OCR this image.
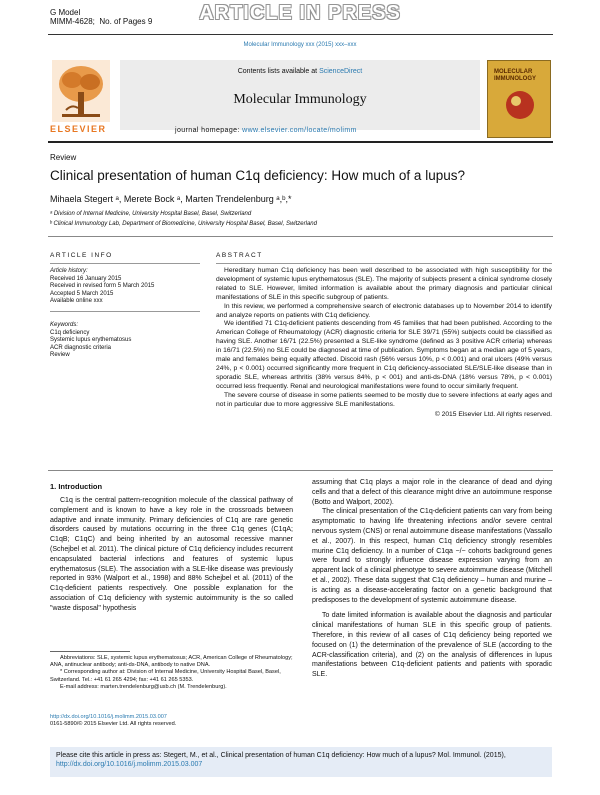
G Model
MIMM-4628; No. of Pages 9	ARTICLE IN PRESS
Molecular Immunology xxx (2015) xxx–xxx
Contents lists available at ScienceDirect
Molecular Immunology
ELSEVIER	journal homepage: www.elsevier.com/locate/molimm
MOLECULAR IMMUNOLOGY
Review
Clinical presentation of human C1q deficiency: How much of a lupus?
Mihaela Stegert ᵃ, Merete Bock ᵃ, Marten Trendelenburg ᵃ,ᵇ,*
ᵃ Division of Internal Medicine, University Hospital Basel, Basel, Switzerland
ᵇ Clinical Immunology Lab, Department of Biomedicine, University Hospital Basel, Basel, Switzerland
ARTICLE INFO
Article history:
Received 16 January 2015
Received in revised form 5 March 2015
Accepted 5 March 2015
Available online xxx
Keywords:
C1q deficiency
Systemic lupus erythematosus
ACR diagnostic criteria
Review
ABSTRACT

Hereditary human C1q deficiency has been well described to be associated with high susceptibility for the development of systemic lupus erythematosus (SLE). The majority of subjects present a clinical syndrome closely related to SLE. However, limited information is available about the primary diagnosis and particular clinical manifestations of SLE in this specific subgroup of patients.

In this review, we performed a comprehensive search of electronic databases up to November 2014 to identify and analyze reports on patients with C1q deficiency.

We identified 71 C1q-deficient patients descending from 45 families that had been published. According to the American College of Rheumatology (ACR) diagnostic criteria for SLE 39/71 (55%) subjects could be classified as having SLE. Another 16/71 (22.5%) presented a SLE-like syndrome (defined as 3 positive ACR criteria) whereas in 16/71 (22.5%) no SLE could be diagnosed at time of publication. Symptoms began at a median age of 5 years, male and females being equally affected. Discoid rash (56% versus 10%, p < 0.001) and oral ulcers (49% versus 24%, p < 0.001) occurred significantly more frequent in C1q deficiency-associated SLE/SLE-like disease than in sporadic SLE, whereas arthritis (38% versus 84%, p < 001) and anti-ds-DNA (18% versus 78%, p < 0.001) occurred less frequently. Renal and neurological manifestations were found to occur similarly frequent.

The severe course of disease in some patients seemed to be mostly due to severe infections at early ages and not in particular due to more aggressive SLE manifestations.

© 2015 Elsevier Ltd. All rights reserved.
1. Introduction

C1q is the central pattern-recognition molecule of the classical pathway of complement and is known to have a key role in the crossroads between adaptive and innate immunity. Primary deficiencies of C1q are rare genetic disorders caused by mutations occurring in the three C1q genes (C1qA; C1qB; C1qC) and being inherited by an autosomal recessive manner (Schejbel et al. 2011). The clinical picture of C1q deficiency includes recurrent encapsulated bacterial infections and features of systemic lupus erythematosus (SLE). The association with a SLE-like disease was previously reported in 93% (Walport et al., 1998) and 88% Schejbel et al. (2011) of the C1q-deficient patients respectively. One possible explanation for the association of C1q deficiency with systemic autoimmunity is the so called "waste disposal" hypothesis

assuming that C1q plays a major role in the clearance of dead and dying cells and that a defect of this clearance might drive an autoimmune response (Botto and Walport, 2002).

The clinical presentation of the C1q-deficient patients can vary from being asymptomatic to having life threatening infections and/or severe central nervous system (CNS) or renal autoimmune disease manifestations (Vassallo et al., 2007). In this respect, human C1q deficiency strongly resembles murine C1q deficiency. In a number of C1qa −/− cohorts background genes were found to strongly influence disease expression varying from an apparent lack of a clinical phenotype to severe autoimmune disease (Mitchell et al., 2002). These data suggest that C1q deficiency – human and murine – is acting as a disease-accelerating factor on a genetic background that predisposes to the development of systemic autoimmune disease.

To date limited information is available about the diagnosis and particular clinical manifestations of human SLE in this specific group of patients. Therefore, in this review of all cases of C1q deficiency being reported we focused on (1) the determination of the prevalence of SLE (according to the ACR-classification criteria), and (2) on the analysis of differences in lupus manifestations between C1q-deficient patients and patients with sporadic SLE.

Abbreviations: SLE, systemic lupus erythematosus; ACR, American College of Rheumatology; ANA, antinuclear antibody; anti-ds-DNA, antibody to native DNA.
* Corresponding author at: Division of Internal Medicine, University Hospital Basel, Basel, Switzerland. Tel.: +41 61 265 4294; fax: +41 61 265 5353.
E-mail address: marten.trendelenburg@usb.ch (M. Trendelenburg).
http://dx.doi.org/10.1016/j.molimm.2015.03.007
0161-5890/© 2015 Elsevier Ltd. All rights reserved.
Please cite this article in press as: Stegert, M., et al., Clinical presentation of human C1q deficiency: How much of a lupus? Mol. Immunol. (2015), http://dx.doi.org/10.1016/j.molimm.2015.03.007
